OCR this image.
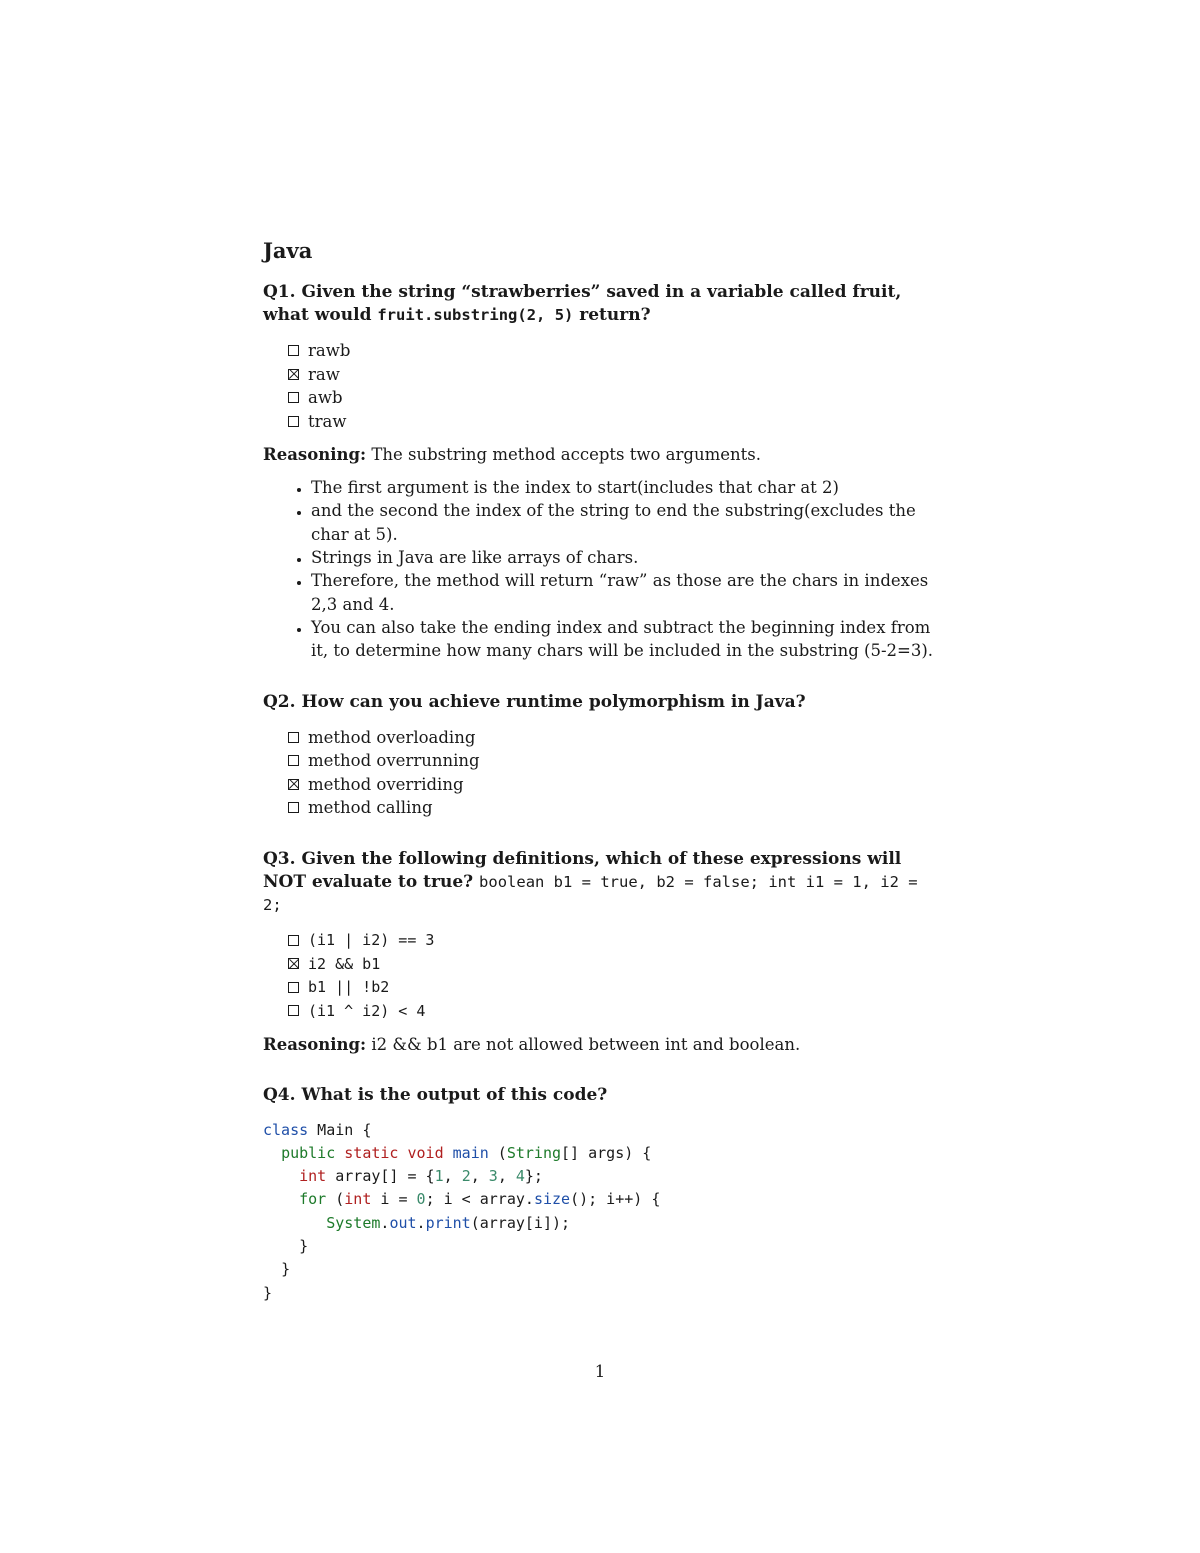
Java

Q1. Given the string “strawberries” saved in a variable called fruit, what would fruit.substring(2, 5) return?

rawb
raw
awb
traw

Reasoning: The substring method accepts two arguments.

• The first argument is the index to start(includes that char at 2)
• and the second the index of the string to end the substring(excludes the char at 5).
• Strings in Java are like arrays of chars.
• Therefore, the method will return “raw” as those are the chars in indexes 2,3 and 4.
• You can also take the ending index and subtract the beginning index from it, to determine how many chars will be included in the substring (5-2=3).

Q2. How can you achieve runtime polymorphism in Java?

method overloading
method overrunning
method overriding
method calling

Q3. Given the following definitions, which of these expressions will NOT evaluate to true? boolean b1 = true, b2 = false; int i1 = 1, i2 = 2;

(i1 | i2) == 3
i2 && b1
b1 || !b2
(i1 ^ i2) < 4

Reasoning: i2 && b1 are not allowed between int and boolean.

Q4. What is the output of this code?

class Main {
public static void main (String[] args) {
int array[] = {1, 2, 3, 4};
for (int i = 0; i < array.size(); i++) {
System.out.print(array[i]);
}
}
}
1
